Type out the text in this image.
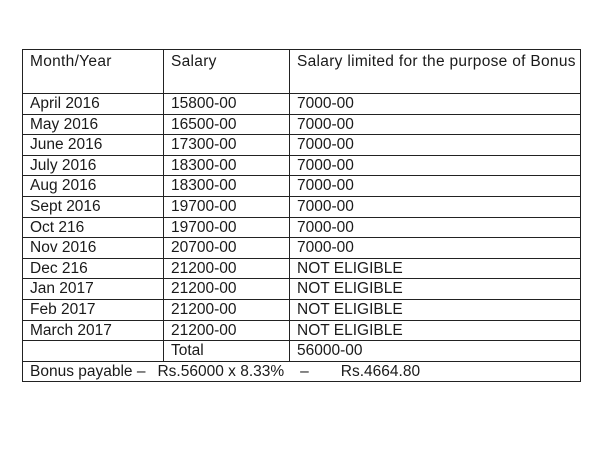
Month/Year	Salary	Salary limited for the purpose of Bonus
April 2016	15800-00	7000-00
May 2016	16500-00	7000-00
June 2016	17300-00	7000-00
July 2016	18300-00	7000-00
Aug 2016	18300-00	7000-00
Sept 2016	19700-00	7000-00
Oct 216	19700-00	7000-00
Nov 2016	20700-00	7000-00
Dec 216	21200-00	NOT ELIGIBLE
Jan 2017	21200-00	NOT ELIGIBLE
Feb 2017	21200-00	NOT ELIGIBLE
March 2017	21200-00	NOT ELIGIBLE
	Total	56000-00
Bonus payable – Rs.56000 x 8.33% – Rs.4664.80		
